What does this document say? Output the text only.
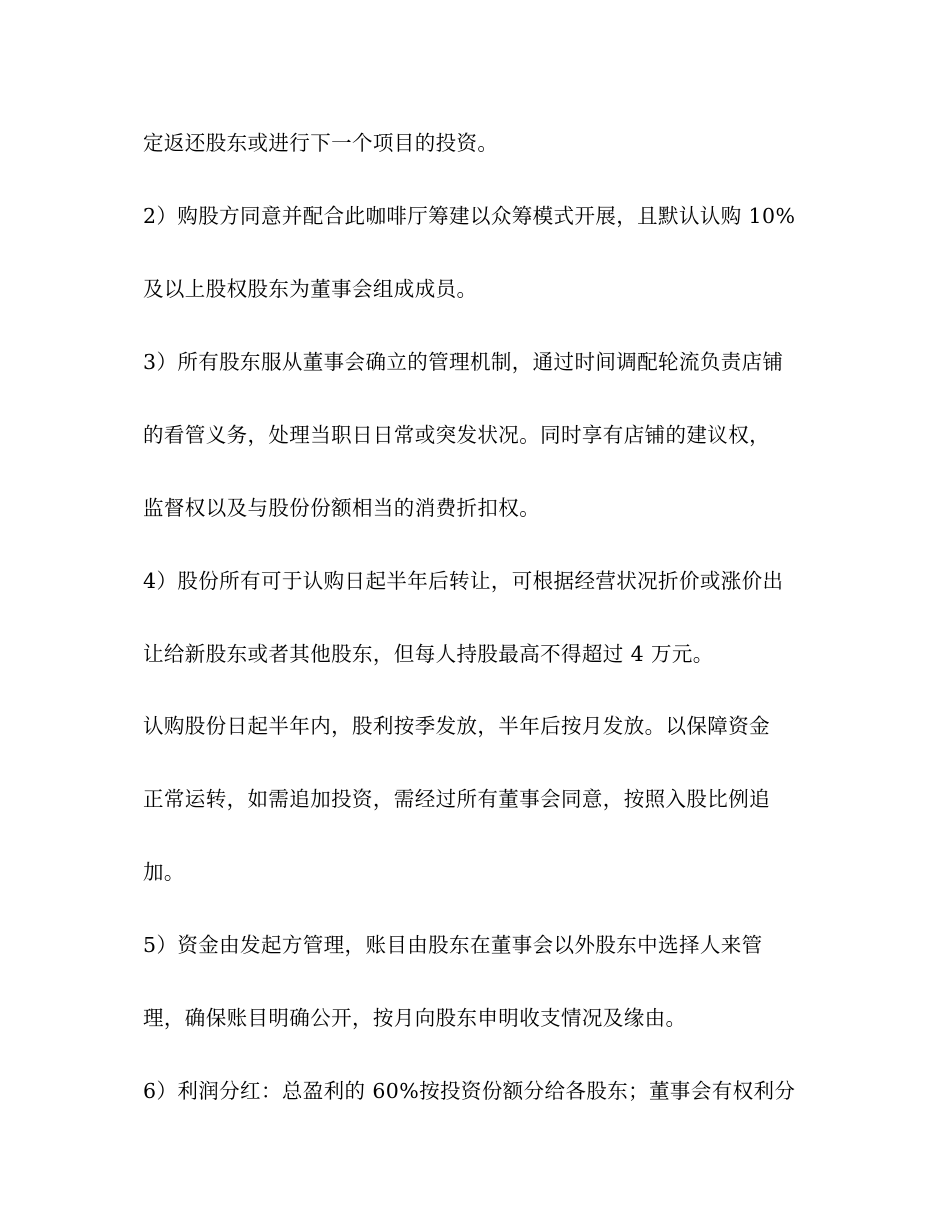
定返还股东或进行下一个项目的投资。
2）购股方同意并配合此咖啡厅筹建以众筹模式开展，且默认认购 10%
及以上股权股东为董事会组成成员。
3）所有股东服从董事会确立的管理机制，通过时间调配轮流负责店铺
的看管义务，处理当职日日常或突发状况。同时享有店铺的建议权，
监督权以及与股份份额相当的消费折扣权。
4）股份所有可于认购日起半年后转让，可根据经营状况折价或涨价出
让给新股东或者其他股东，但每人持股最高不得超过 4 万元。
认购股份日起半年内，股利按季发放，半年后按月发放。以保障资金
正常运转，如需追加投资，需经过所有董事会同意，按照入股比例追
加。
5）资金由发起方管理，账目由股东在董事会以外股东中选择人来管
理，确保账目明确公开，按月向股东申明收支情况及缘由。
6）利润分红：总盈利的 60%按投资份额分给各股东；董事会有权利分
